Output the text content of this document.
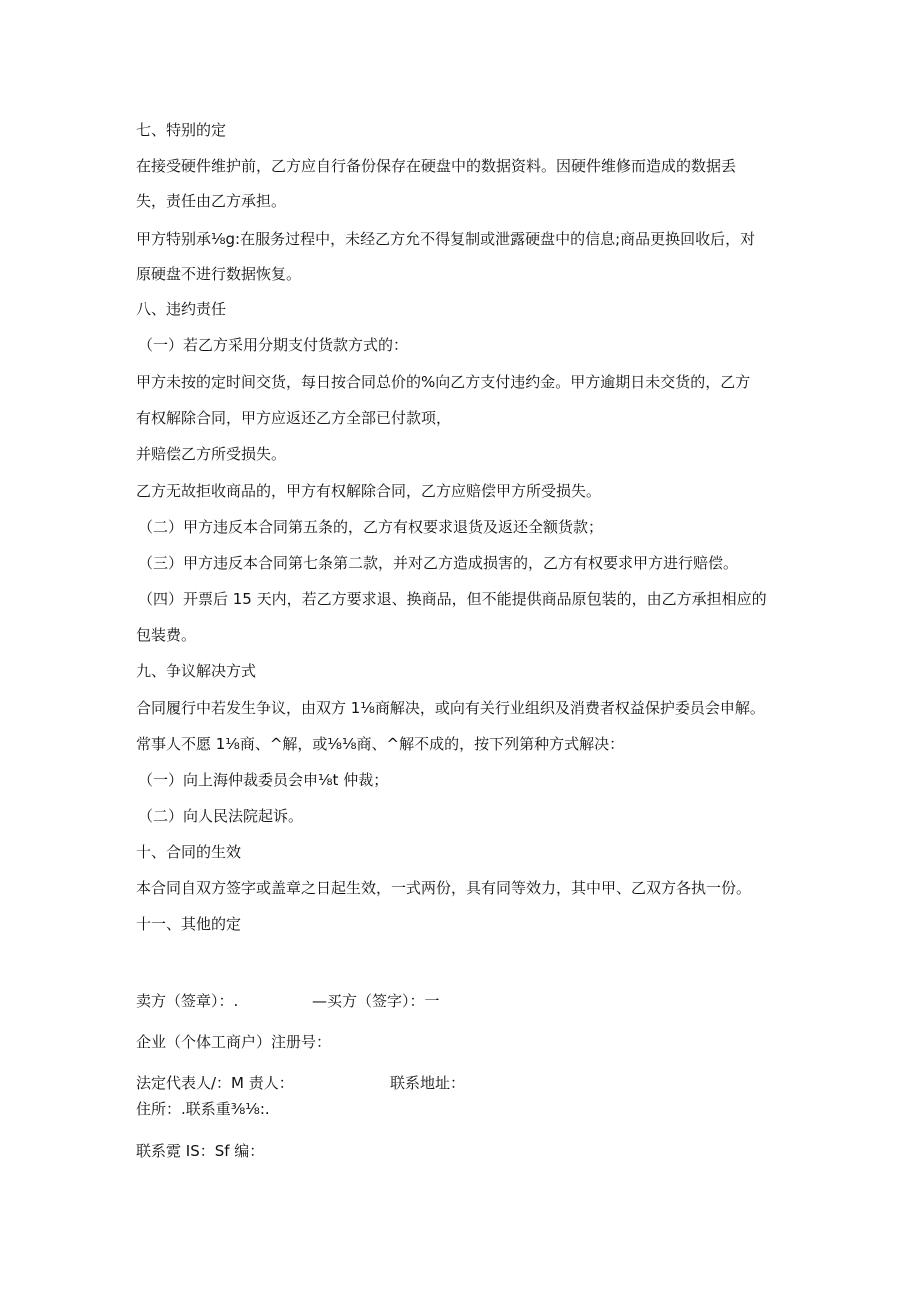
七、特别的定
在接受硬件维护前，乙方应自行备份保存在硬盘中的数据资料。因硬件维修而造成的数据丢
失，责任由乙方承担。
甲方特别承⅛g:在服务过程中，未经乙方允不得复制或泄露硬盘中的信息;商品更换回收后，对
原硬盘不进行数据恢复。
八、违约责任
（一）若乙方采用分期支付货款方式的：
甲方未按的定时间交货，每日按合同总价的%向乙方支付违约金。甲方逾期日未交货的，乙方
有权解除合同，甲方应返还乙方全部已付款项，
并赔偿乙方所受损失。
乙方无故拒收商品的，甲方有权解除合同，乙方应赔偿甲方所受损失。
（二）甲方违反本合同第五条的，乙方有权要求退货及返还全额货款；
（三）甲方违反本合同第七条第二款，并对乙方造成损害的，乙方有权要求甲方进行赔偿。
（四）开票后 15 天内，若乙方要求退、换商品，但不能提供商品原包装的，由乙方承担相应的
包装费。
九、争议解决方式
合同履行中若发生争议，由双方 1⅛商解决，或向有关行业组织及消费者权益保护委员会申解。
常事人不愿 1⅛商、^解，或⅛⅛商、^解不成的，按下列第种方式解决：
（一）向上海仲裁委员会申⅛t 仲裁；
（二）向人民法院起诉。
十、合同的生效
本合同自双方签字或盖章之日起生效，一式两份，具有同等效力，其中甲、乙双方各执一份。
十一、其他的定
卖方（签章）：.	—买方（签字）：一
企业（个体工商户）注册号：
法定代表人/：M 责人：	联系地址：
住所：.联系重⅜⅛:.
联系霓 IS：Sf 编：
